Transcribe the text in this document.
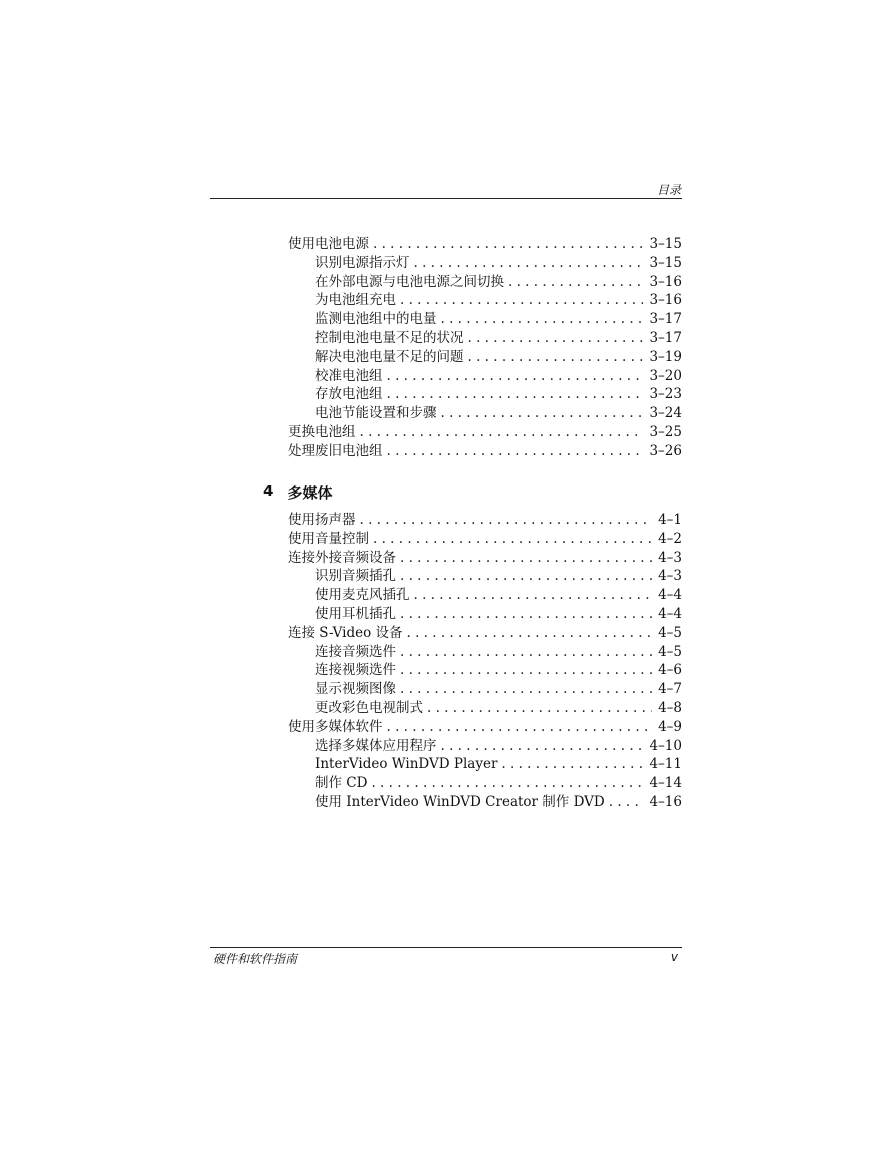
目录
使用电池电源 . . .	3–15
识别电源指示灯 . . .	3–15
在外部电源与电池电源之间切换 . . .	3–16
为电池组充电 . . .	3–16
监测电池组中的电量 . . .	3–17
控制电池电量不足的状况 . . .	3–17
解决电池电量不足的问题 . . .	3–19
校准电池组 . . .	3–20
存放电池组 . . .	3–23
电池节能设置和步骤 . . .	3–24
更换电池组 . . .	3–25
处理废旧电池组 . . .	3–26
4 多媒体
使用扬声器 . . .	4–1
使用音量控制 . . .	4–2
连接外接音频设备 . . .	4–3
识别音频插孔 . . .	4–3
使用麦克风插孔 . . .	4–4
使用耳机插孔 . . .	4–4
连接 S-Video 设备 . . .	4–5
连接音频选件 . . .	4–5
连接视频选件 . . .	4–6
显示视频图像 . . .	4–7
更改彩色电视制式 . . .	4–8
使用多媒体软件 . . .	4–9
选择多媒体应用程序 . . .	4–10
InterVideo WinDVD Player . . .	4–11
制作 CD . . .	4–14
使用 InterVideo WinDVD Creator 制作 DVD . . .	4–16
硬件和软件指南	v
